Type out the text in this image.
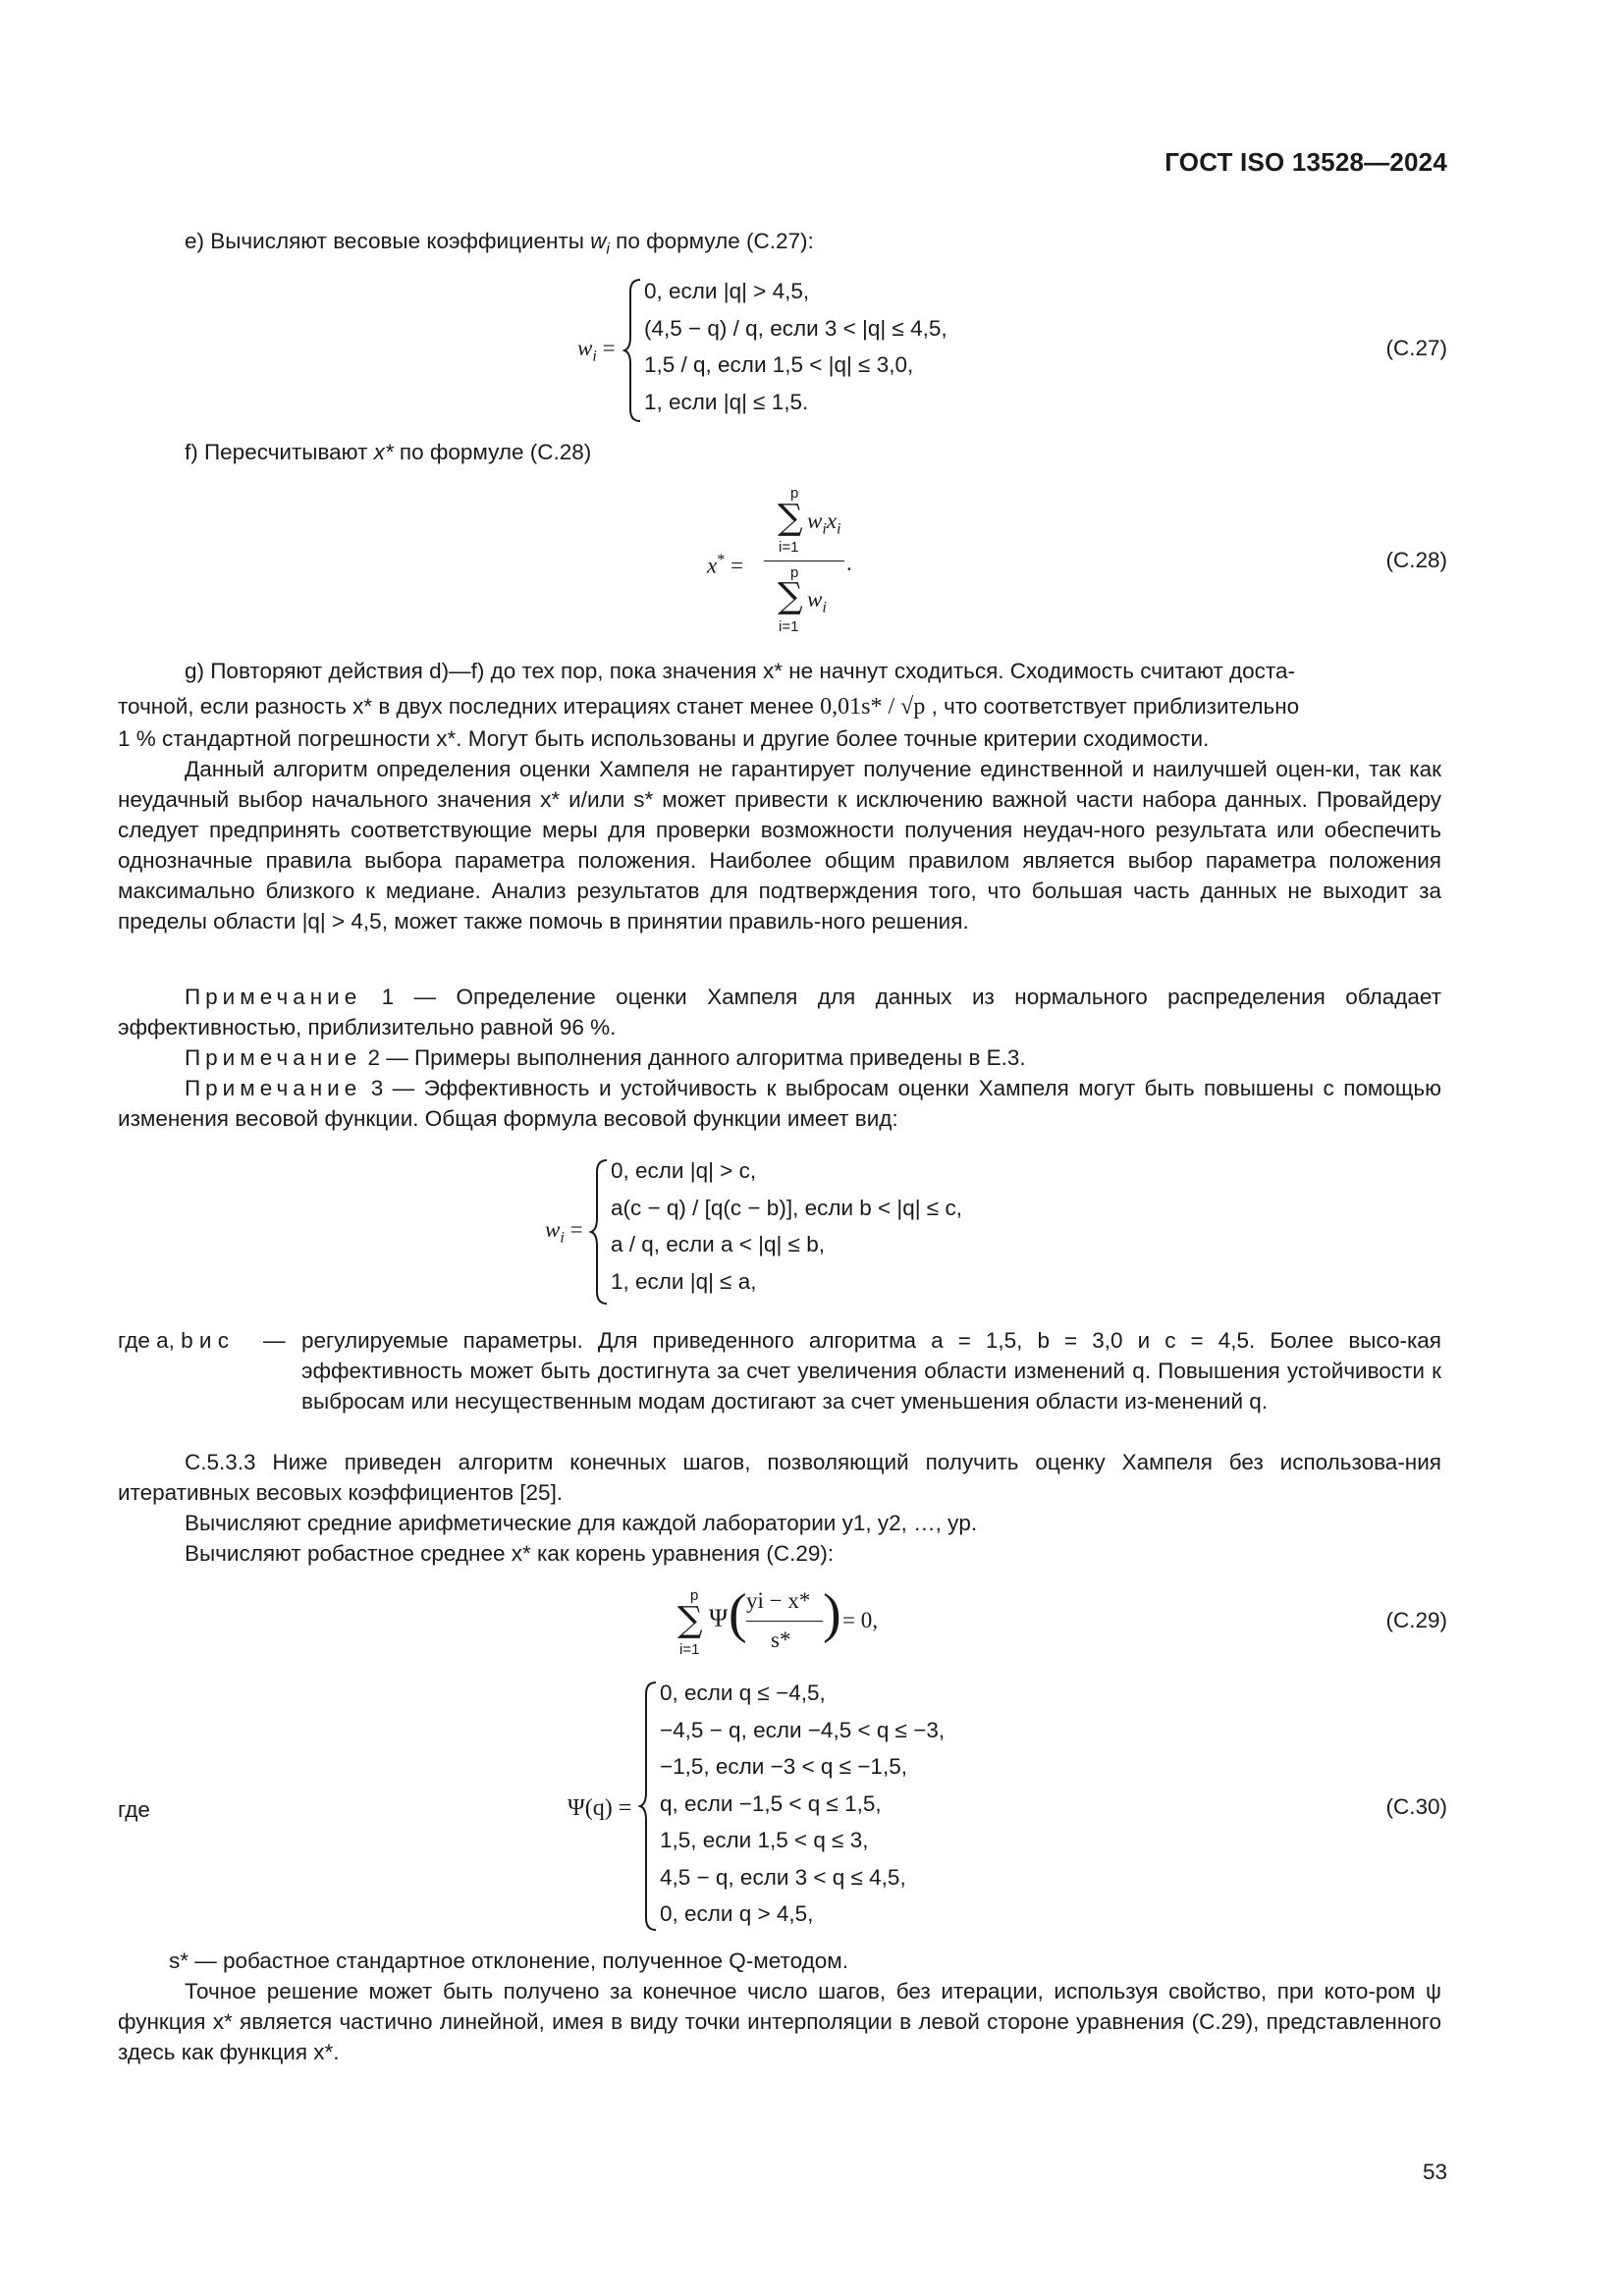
ГОСТ ISO 13528—2024
е) Вычисляют весовые коэффициенты $w_i$ по формуле (С.27):
$w_i$ =
0, если |q| > 4,5,
(4,5 − q) / q, если 3 < |q| ≤ 4,5,
1,5 / q, если 1,5 < |q| ≤ 3,0,
1, если |q| ≤ 1,5.
(С.27)
f) Пересчитывают x* по формуле (С.28)
x* =
p
∑ $w_ix_i$
i=1
p
∑ $w_i$
i=1
.	(С.28)
g) Повторяют действия d)—f) до тех пор, пока значения x* не начнут сходиться. Сходимость считают доста-
точной, если разность x* в двух последних итерациях станет менее 0,01s* / √p , что соответствует приблизительно
1 % стандартной погрешности x*. Могут быть использованы и другие более точные критерии сходимости.
Данный алгоритм определения оценки Хампеля не гарантирует получение единственной и наилучшей оцен-ки, так как неудачный выбор начального значения x* и/или s* может привести к исключению важной части набора данных. Провайдеру следует предпринять соответствующие меры для проверки возможности получения неудач-ного результата или обеспечить однозначные правила выбора параметра положения. Наиболее общим правилом является выбор параметра положения максимально близкого к медиане. Анализ результатов для подтверждения того, что большая часть данных не выходит за пределы области |q| > 4,5, может также помочь в принятии правиль-ного решения.
Примечание 1 — Определение оценки Хампеля для данных из нормального распределения обладает эффективностью, приблизительно равной 96 %.
Примечание 2 — Примеры выполнения данного алгоритма приведены в Е.3.
Примечание 3 — Эффективность и устойчивость к выбросам оценки Хампеля могут быть повышены с помощью изменения весовой функции. Общая формула весовой функции имеет вид:
$w_i$ =
0, если |q| > c,
a(c − q) / [q(c − b)], если b < |q| ≤ c,
a / q, если a < |q| ≤ b,
1, если |q| ≤ a,
где a, b и c — регулируемые параметры. Для приведенного алгоритма a = 1,5, b = 3,0 и c = 4,5. Более высо-кая эффективность может быть достигнута за счет увеличения области изменений q. Повышения устойчивости к выбросам или несущественным модам достигают за счет уменьшения области из-менений q.
С.5.3.3 Ниже приведен алгоритм конечных шагов, позволяющий получить оценку Хампеля без использова-ния итеративных весовых коэффициентов [25].
Вычисляют средние арифметические для каждой лаборатории y1, y2, …, yp.
Вычисляют робастное среднее x* как корень уравнения (С.29):
p
∑
i=1
Ψ ( yi − x*
s* ) = 0,	(С.29)
где	Ψ(q) =
0, если q ≤ −4,5,
−4,5 − q, если −4,5 < q ≤ −3,
−1,5, если −3 < q ≤ −1,5,
q, если −1,5 < q ≤ 1,5,
1,5, если 1,5 < q ≤ 3,
4,5 − q, если 3 < q ≤ 4,5,
0, если q > 4,5,
(С.30)
s* — робастное стандартное отклонение, полученное Q-методом.
Точное решение может быть получено за конечное число шагов, без итерации, используя свойство, при кото-ром ψ функция x* является частично линейной, имея в виду точки интерполяции в левой стороне уравнения (С.29), представленного здесь как функция x*.
53
